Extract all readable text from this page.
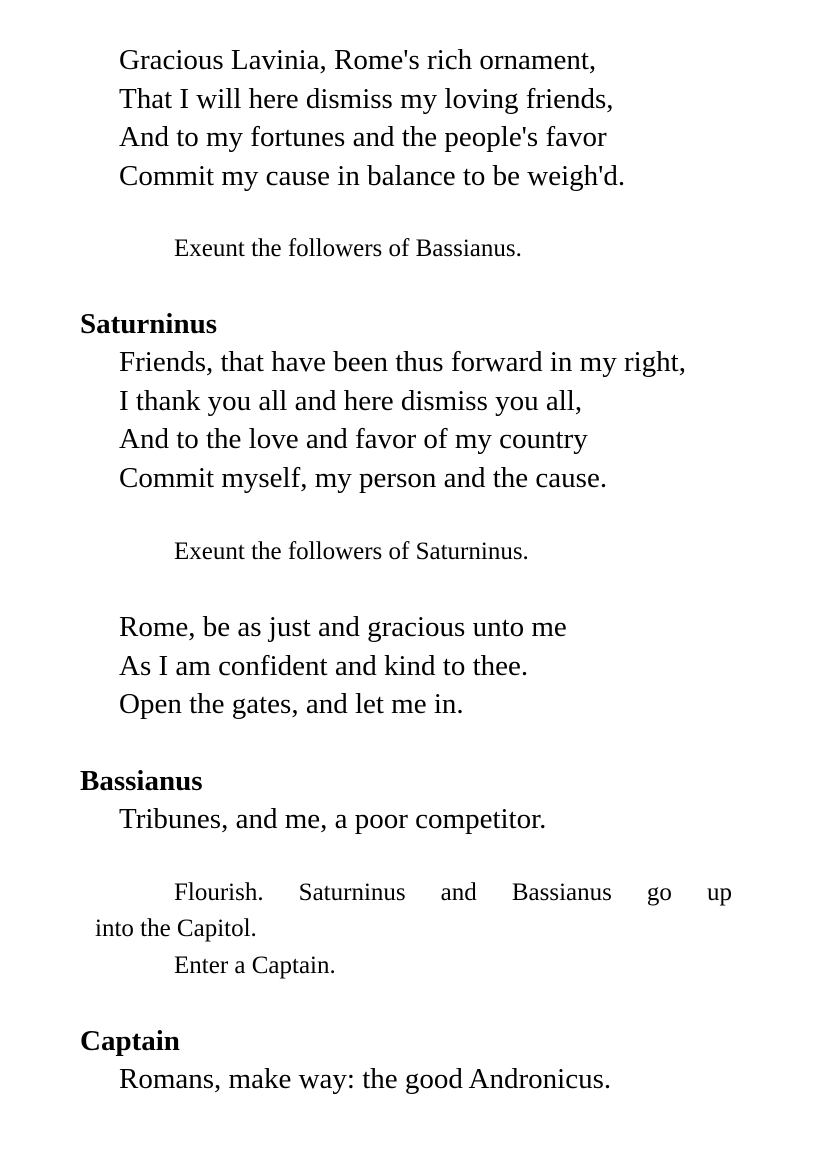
Gracious Lavinia, Rome's rich ornament,
That I will here dismiss my loving friends,
And to my fortunes and the people's favor
Commit my cause in balance to be weigh'd.
Exeunt the followers of Bassianus.
Saturninus
Friends, that have been thus forward in my right,
I thank you all and here dismiss you all,
And to the love and favor of my country
Commit myself, my person and the cause.
Exeunt the followers of Saturninus.
Rome, be as just and gracious unto me
As I am confident and kind to thee.
Open the gates, and let me in.
Bassianus
Tribunes, and me, a poor competitor.
Flourish. Saturninus and Bassianus go up
into the Capitol.
Enter a Captain.
Captain
Romans, make way: the good Andronicus.
